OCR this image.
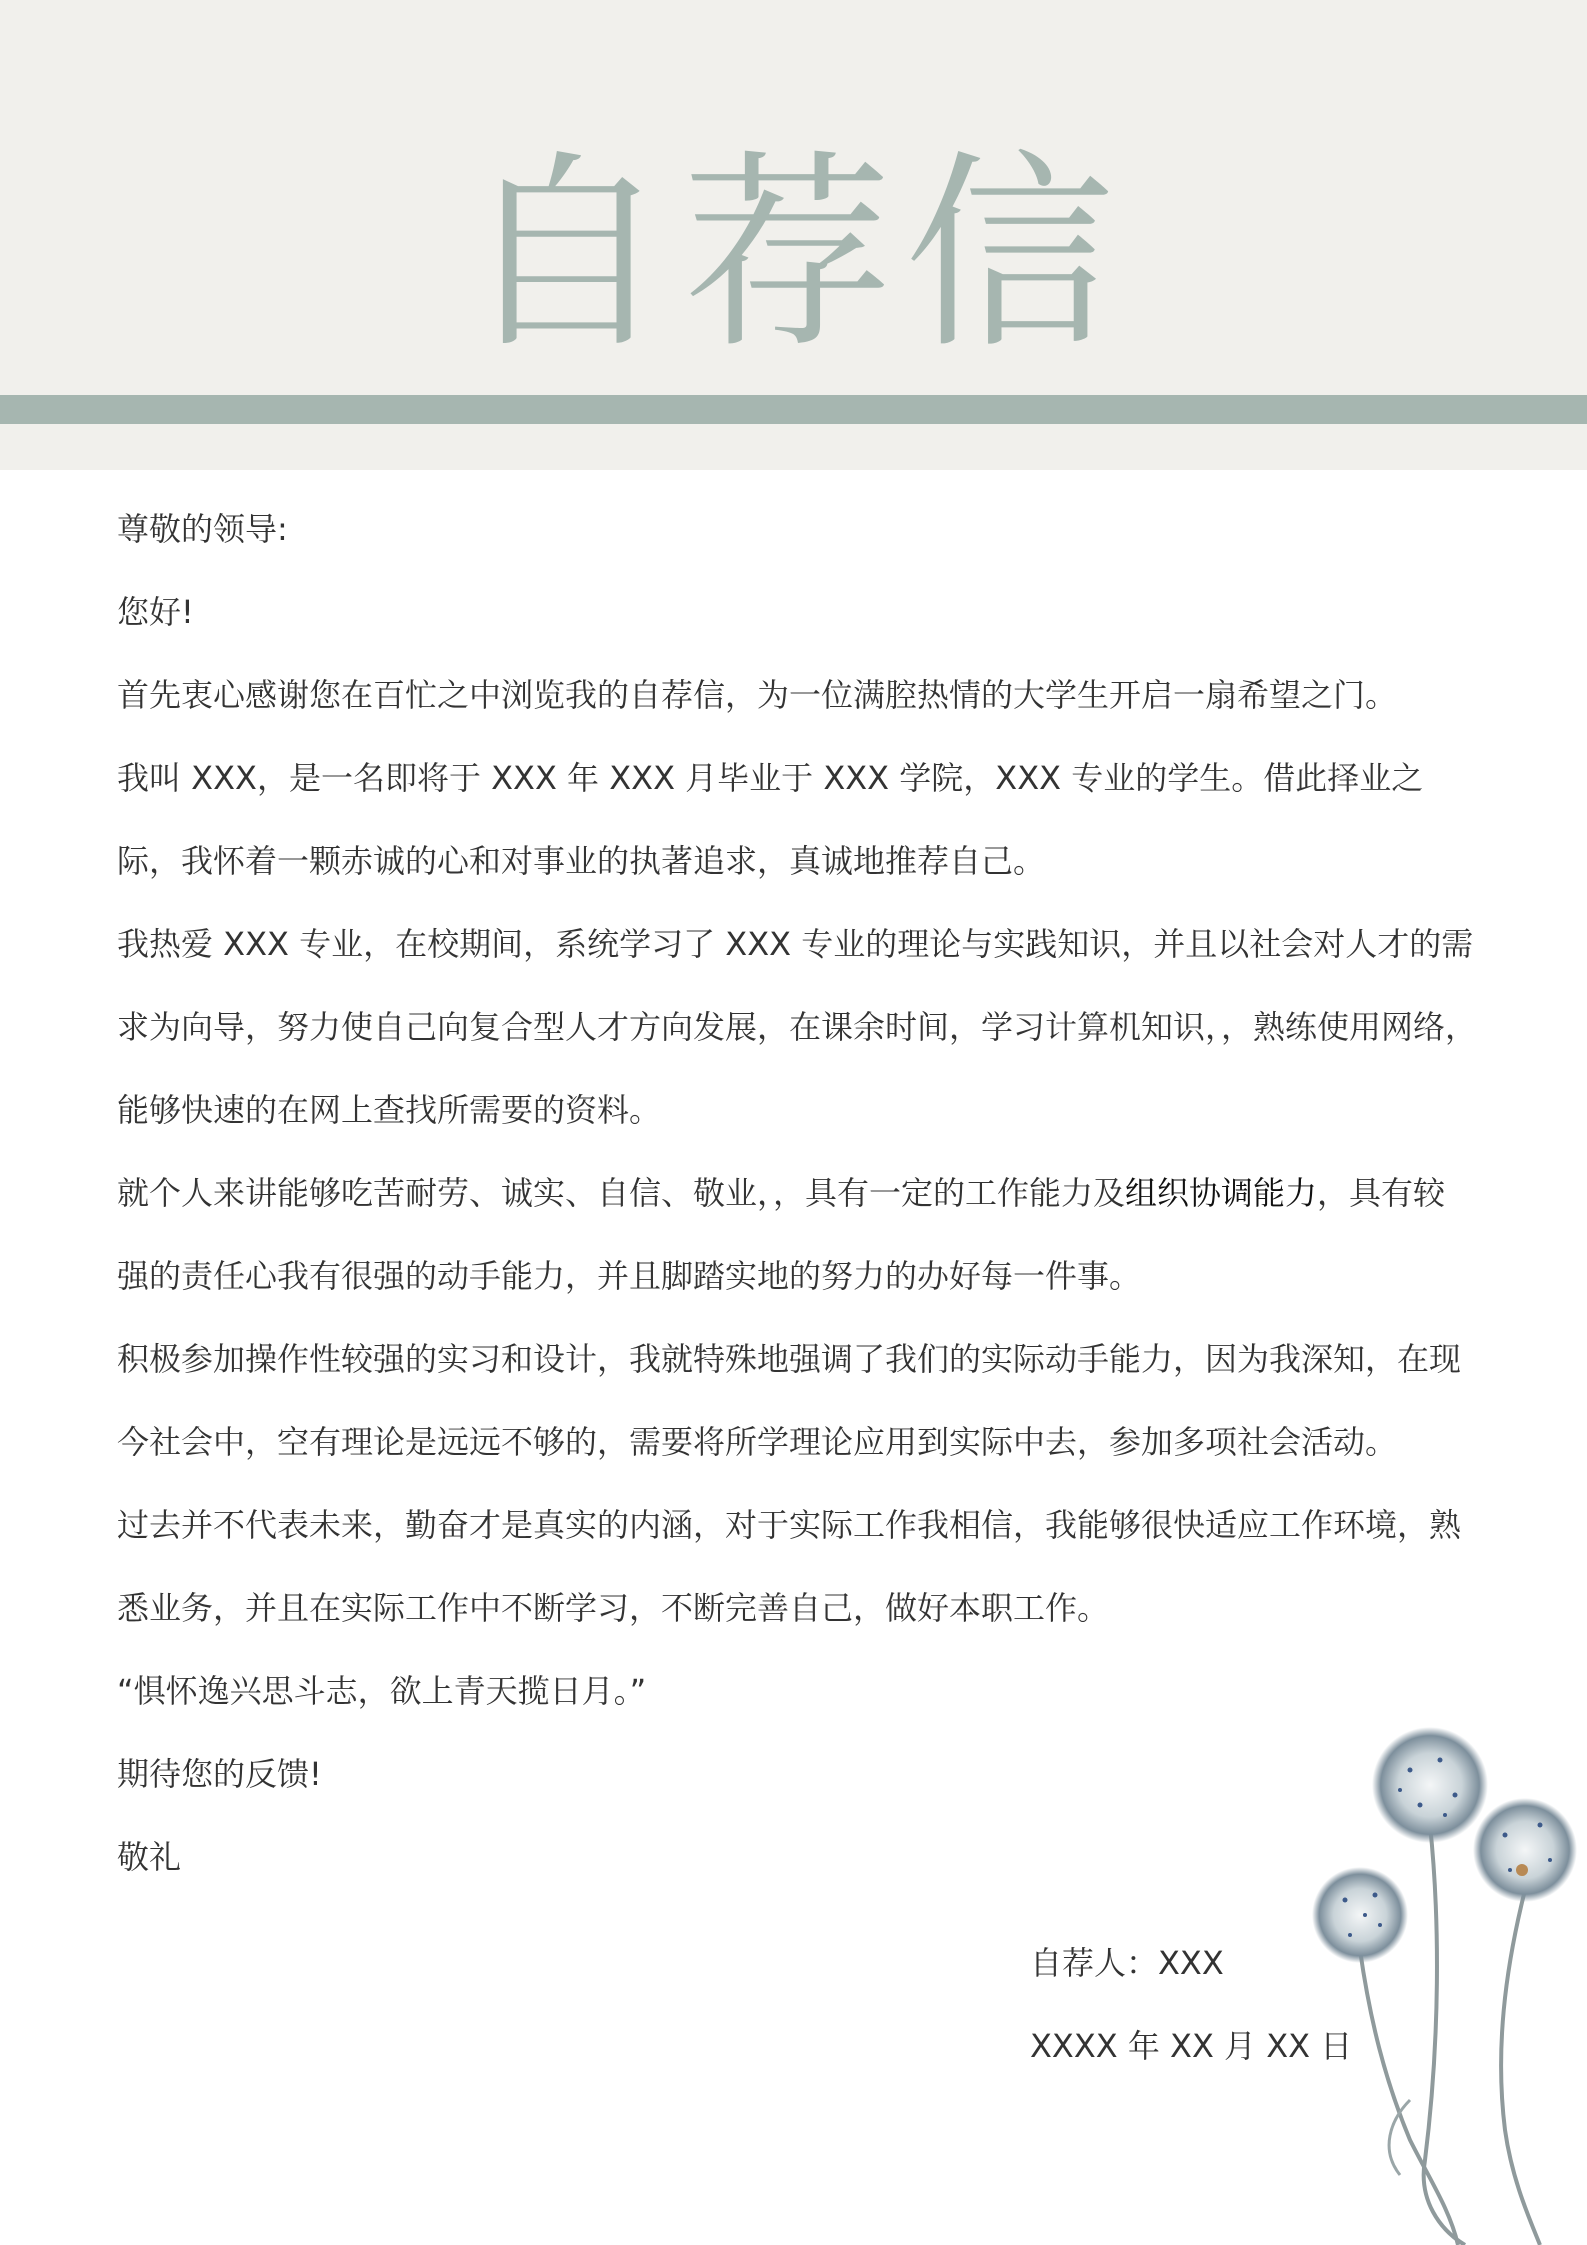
自荐信

尊敬的领导:

您好!

首先衷心感谢您在百忙之中浏览我的自荐信，为一位满腔热情的大学生开启一扇希望之门。

我叫 XXX，是一名即将于 XXX 年 XXX 月毕业于 XXX 学院，XXX 专业的学生。借此择业之际，我怀着一颗赤诚的心和对事业的执著追求，真诚地推荐自己。

我热爱 XXX 专业，在校期间，系统学习了 XXX 专业的理论与实践知识，并且以社会对人才的需求为向导，努力使自己向复合型人才方向发展，在课余时间，学习计算机知识，，熟练使用网络，能够快速的在网上查找所需要的资料。

就个人来讲能够吃苦耐劳、诚实、自信、敬业，，具有一定的工作能力及组织协调能力，具有较强的责任心我有很强的动手能力，并且脚踏实地的努力的办好每一件事。

积极参加操作性较强的实习和设计，我就特殊地强调了我们的实际动手能力，因为我深知，在现今社会中，空有理论是远远不够的，需要将所学理论应用到实际中去，参加多项社会活动。

过去并不代表未来，勤奋才是真实的内涵，对于实际工作我相信，我能够很快适应工作环境，熟悉业务，并且在实际工作中不断学习，不断完善自己，做好本职工作。

“惧怀逸兴思斗志，欲上青天揽日月。”

期待您的反馈!

敬礼

自荐人：XXX

XXXX 年 XX 月 XX 日
